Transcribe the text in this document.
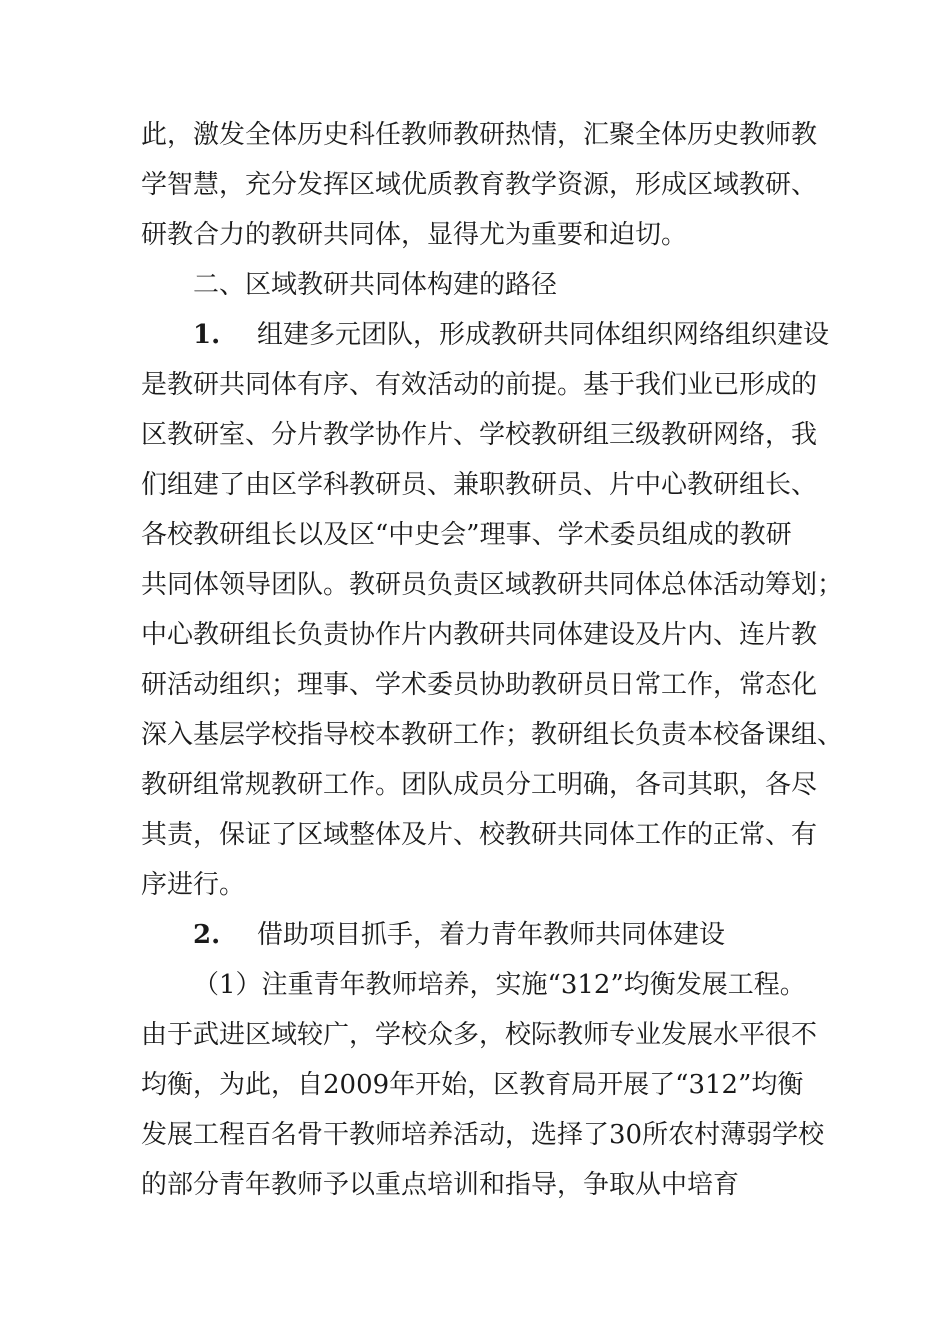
此，激发全体历史科任教师教研热情，汇聚全体历史教师教
学智慧，充分发挥区域优质教育教学资源，形成区域教研、
研教合力的教研共同体，显得尤为重要和迫切。
二、区域教研共同体构建的路径
1. 组建多元团队，形成教研共同体组织网络组织建设
是教研共同体有序、有效活动的前提。基于我们业已形成的
区教研室、分片教学协作片、学校教研组三级教研网络，我
们组建了由区学科教研员、兼职教研员、片中心教研组长、
各校教研组长以及区“中史会”理事、学术委员组成的教研
共同体领导团队。教研员负责区域教研共同体总体活动筹划；
中心教研组长负责协作片内教研共同体建设及片内、连片教
研活动组织；理事、学术委员协助教研员日常工作，常态化
深入基层学校指导校本教研工作；教研组长负责本校备课组、
教研组常规教研工作。团队成员分工明确，各司其职，各尽
其责，保证了区域整体及片、校教研共同体工作的正常、有
序进行。
2. 借助项目抓手，着力青年教师共同体建设
（1）注重青年教师培养，实施“312”均衡发展工程。
由于武进区域较广，学校众多，校际教师专业发展水平很不
均衡，为此，自2009年开始，区教育局开展了“312”均衡
发展工程百名骨干教师培养活动，选择了30所农村薄弱学校
的部分青年教师予以重点培训和指导，争取从中培育
